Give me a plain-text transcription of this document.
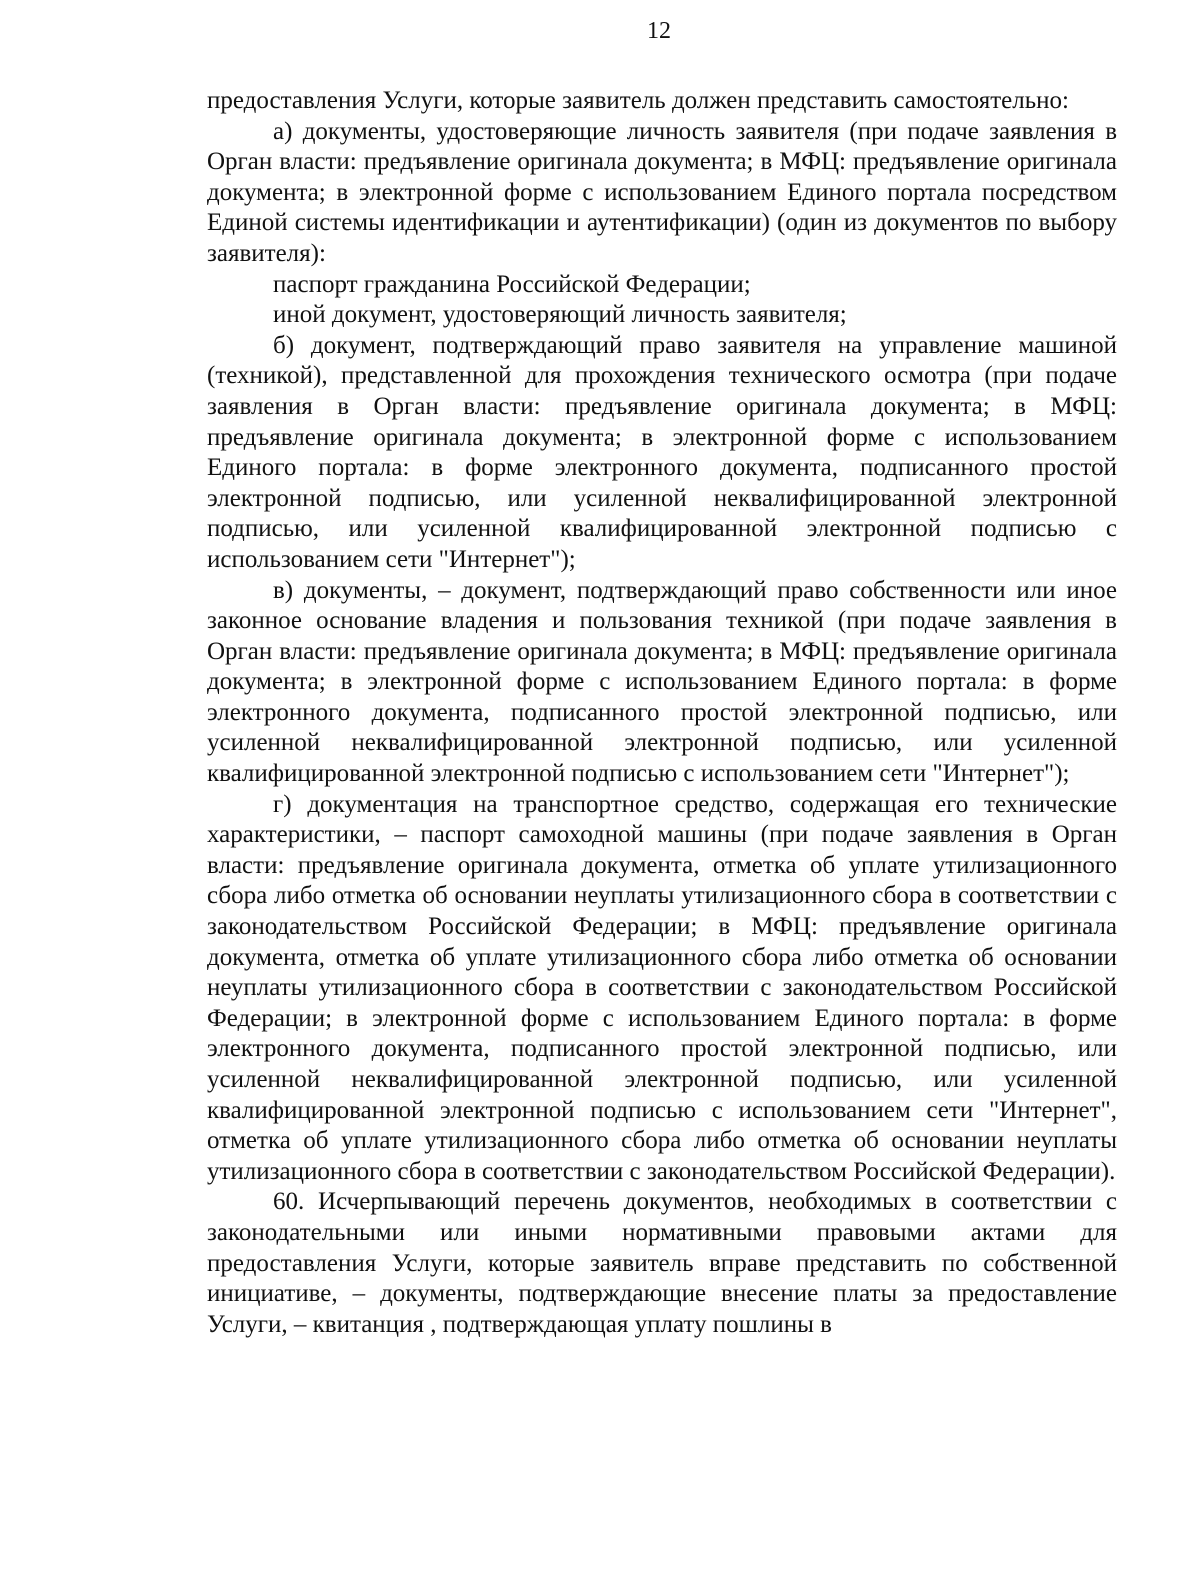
12

предоставления Услуги, которые заявитель должен представить самостоятельно:

а) документы, удостоверяющие личность заявителя (при подаче заявления в Орган власти: предъявление оригинала документа; в МФЦ: предъявление оригинала документа; в электронной форме с использованием Единого портала посредством Единой системы идентификации и аутентификации) (один из документов по выбору заявителя):

паспорт гражданина Российской Федерации;

иной документ, удостоверяющий личность заявителя;

б) документ, подтверждающий право заявителя на управление машиной (техникой), представленной для прохождения технического осмотра (при подаче заявления в Орган власти: предъявление оригинала документа; в МФЦ: предъявление оригинала документа; в электронной форме с использованием Единого портала: в форме электронного документа, подписанного простой электронной подписью, или усиленной неквалифицированной электронной подписью, или усиленной квалифицированной электронной подписью с использованием сети "Интернет");

в) документы, – документ, подтверждающий право собственности или иное законное основание владения и пользования техникой (при подаче заявления в Орган власти: предъявление оригинала документа; в МФЦ: предъявление оригинала документа; в электронной форме с использованием Единого портала: в форме электронного документа, подписанного простой электронной подписью, или усиленной неквалифицированной электронной подписью, или усиленной квалифицированной электронной подписью с использованием сети "Интернет");

г) документация на транспортное средство, содержащая его технические характеристики, – паспорт самоходной машины (при подаче заявления в Орган власти: предъявление оригинала документа, отметка об уплате утилизационного сбора либо отметка об основании неуплаты утилизационного сбора в соответствии с законодательством Российской Федерации; в МФЦ: предъявление оригинала документа, отметка об уплате утилизационного сбора либо отметка об основании неуплаты утилизационного сбора в соответствии с законодательством Российской Федерации; в электронной форме с использованием Единого портала: в форме электронного документа, подписанного простой электронной подписью, или усиленной неквалифицированной электронной подписью, или усиленной квалифицированной электронной подписью с использованием сети "Интернет", отметка об уплате утилизационного сбора либо отметка об основании неуплаты утилизационного сбора в соответствии с законодательством Российской Федерации).

60. Исчерпывающий перечень документов, необходимых в соответствии с законодательными или иными нормативными правовыми актами для предоставления Услуги, которые заявитель вправе представить по собственной инициативе, – документы, подтверждающие внесение платы за предоставление Услуги, – квитанция , подтверждающая уплату пошлины в
